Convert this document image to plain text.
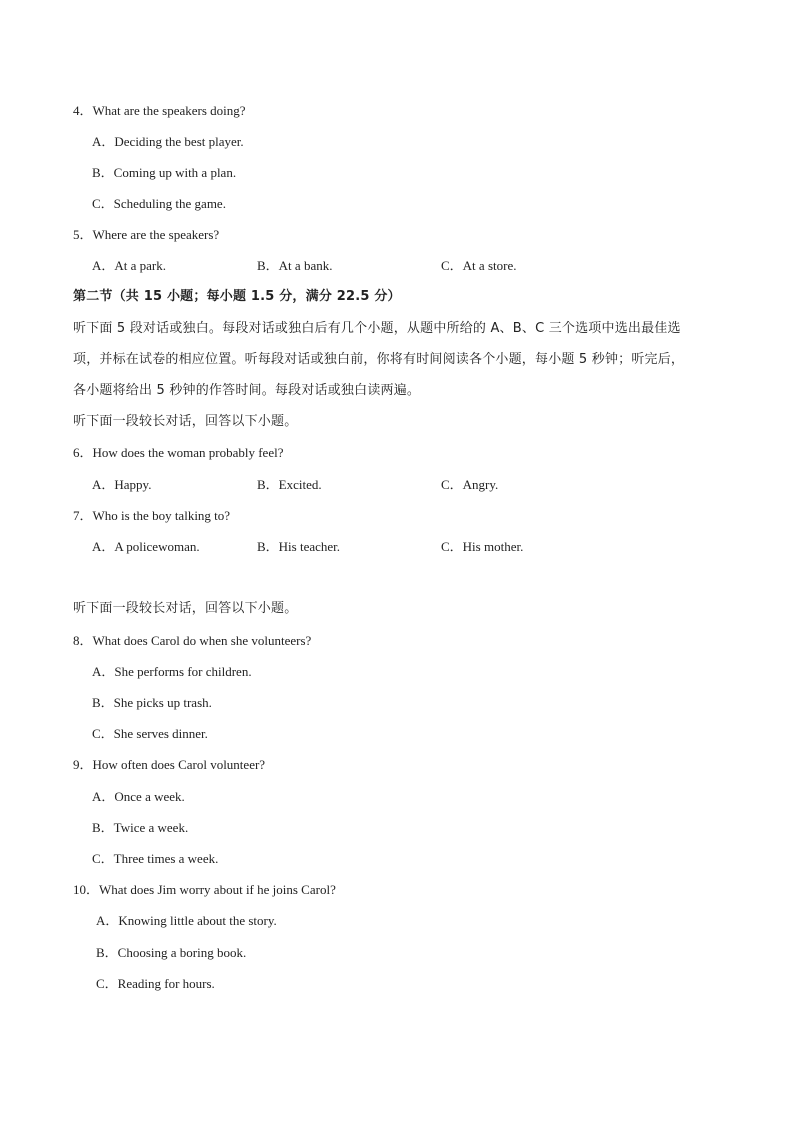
4．What are the speakers doing?
A．Deciding the best player.
B．Coming up with a plan.
C．Scheduling the game.
5．Where are the speakers?
A．At a park.	B．At a bank.	C．At a store.
第二节（共 15 小题；每小题 1.5 分，满分 22.5 分）
听下面 5 段对话或独白。每段对话或独白后有几个小题，从题中所给的 A、B、C 三个选项中选出最佳选
项，并标在试卷的相应位置。听每段对话或独白前，你将有时间阅读各个小题，每小题 5 秒钟；听完后，
各小题将给出 5 秒钟的作答时间。每段对话或独白读两遍。
听下面一段较长对话，回答以下小题。
6．How does the woman probably feel?
A．Happy.	B．Excited.	C．Angry.
7．Who is the boy talking to?
A．A policewoman.	B．His teacher.	C．His mother.
听下面一段较长对话，回答以下小题。
8．What does Carol do when she volunteers?
A．She performs for children.
B．She picks up trash.
C．She serves dinner.
9．How often does Carol volunteer?
A．Once a week.
B．Twice a week.
C．Three times a week.
10．What does Jim worry about if he joins Carol?
A．Knowing little about the story.
B．Choosing a boring book.
C．Reading for hours.
